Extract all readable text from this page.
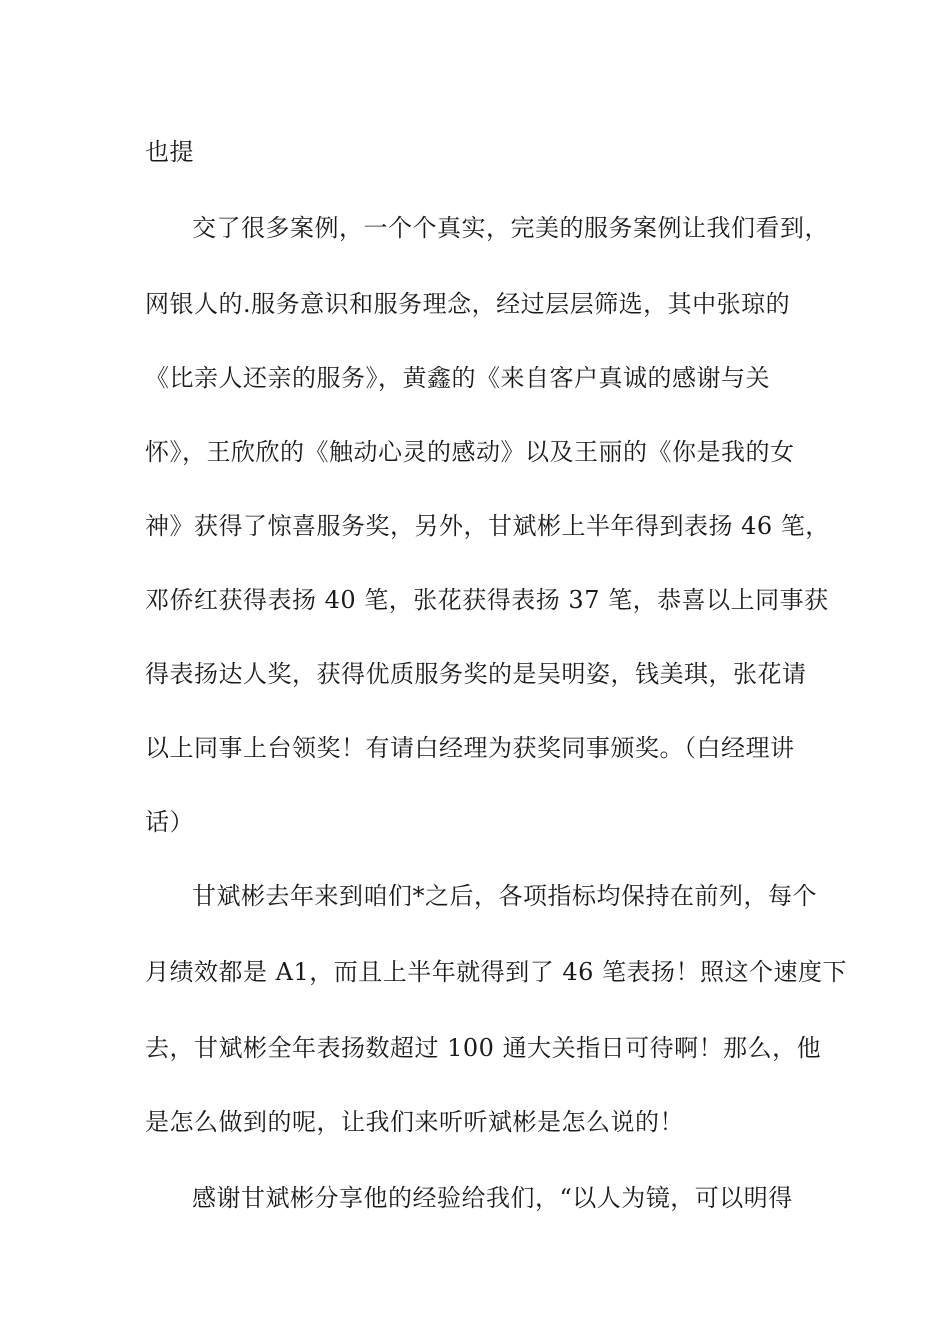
也提
交了很多案例，一个个真实，完美的服务案例让我们看到，
网银人的.服务意识和服务理念，经过层层筛选，其中张琼的
《比亲人还亲的服务》，黄鑫的《来自客户真诚的感谢与关
怀》，王欣欣的《触动心灵的感动》以及王丽的《你是我的女
神》获得了惊喜服务奖，另外，甘斌彬上半年得到表扬 46 笔，
邓侨红获得表扬 40 笔，张花获得表扬 37 笔，恭喜以上同事获
得表扬达人奖，获得优质服务奖的是吴明姿，钱美琪，张花请
以上同事上台领奖！有请白经理为获奖同事颁奖。（白经理讲
话）
甘斌彬去年来到咱们*之后，各项指标均保持在前列，每个
月绩效都是 A1，而且上半年就得到了 46 笔表扬！照这个速度下
去，甘斌彬全年表扬数超过 100 通大关指日可待啊！那么，他
是怎么做到的呢，让我们来听听斌彬是怎么说的！
感谢甘斌彬分享他的经验给我们，“以人为镜，可以明得
